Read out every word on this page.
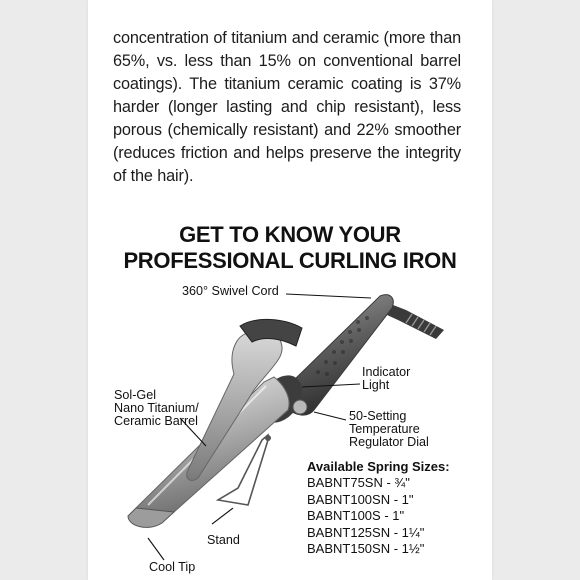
concentration of titanium and ceramic (more than 65%, vs. less than 15% on conventional barrel coatings). The titanium ceramic coating is 37% harder (longer lasting and chip resistant), less porous (chemically resistant) and 22% smoother (reduces friction and helps preserve the integrity of the hair).

GET TO KNOW YOUR
PROFESSIONAL CURLING IRON
360° Swivel Cord
Indicator
Light
Sol-Gel
Nano Titanium/
Ceramic Barrel	50-Setting
Temperature
Regulator Dial
Stand
Cool Tip
Available Spring Sizes:
BABNT75SN - ¾"
BABNT100SN - 1"
BABNT100S - 1"
BABNT125SN - 1¼"
BABNT150SN - 1½"
